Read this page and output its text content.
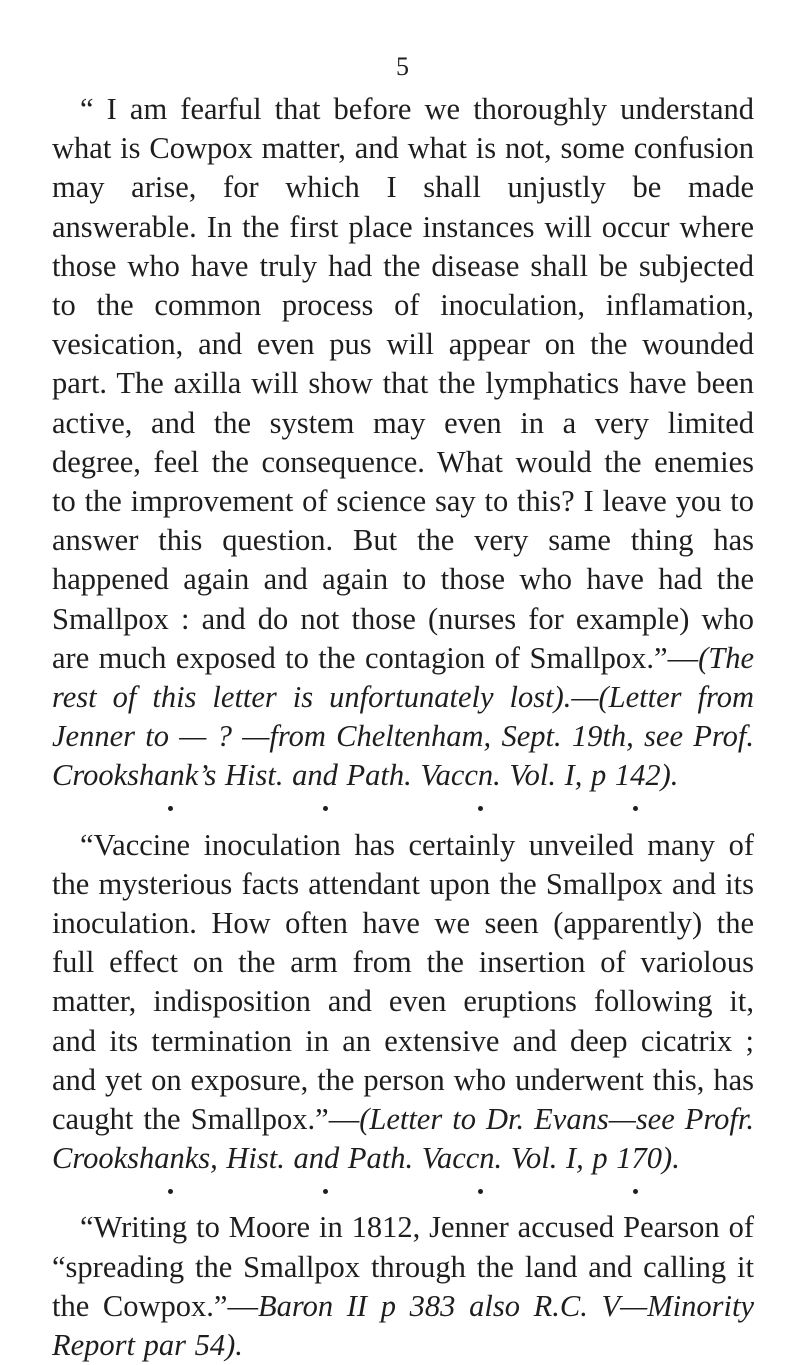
5

“ I am fearful that before we thoroughly understand what is Cowpox matter, and what is not, some confusion may arise, for which I shall unjustly be made answerable. In the first place instances will occur where those who have truly had the disease shall be subjected to the common process of inoculation, inflamation, vesication, and even pus will appear on the wounded part. The axilla will show that the lymphatics have been active, and the system may even in a very limited degree, feel the consequence. What would the enemies to the improvement of science say to this? I leave you to answer this question. But the very same thing has happened again and again to those who have had the Smallpox : and do not those (nurses for example) who are much exposed to the contagion of Smallpox.”—(The rest of this letter is unfortunately lost).—(Letter from Jenner to — ? —from Cheltenham, Sept. 19th, see Prof. Crookshank’s Hist. and Path. Vaccn. Vol. I, p 142).

“Vaccine inoculation has certainly unveiled many of the mysterious facts attendant upon the Smallpox and its inoculation. How often have we seen (apparently) the full effect on the arm from the insertion of variolous matter, indisposition and even eruptions following it, and its termination in an extensive and deep cicatrix ; and yet on exposure, the person who underwent this, has caught the Smallpox.”—(Letter to Dr. Evans—see Profr. Crookshanks, Hist. and Path. Vaccn. Vol. I, p 170).

“Writing to Moore in 1812, Jenner accused Pearson of “spreading the Smallpox through the land and calling it the Cowpox.”—Baron II p 383 also R.C. V—Minority Report par 54).
